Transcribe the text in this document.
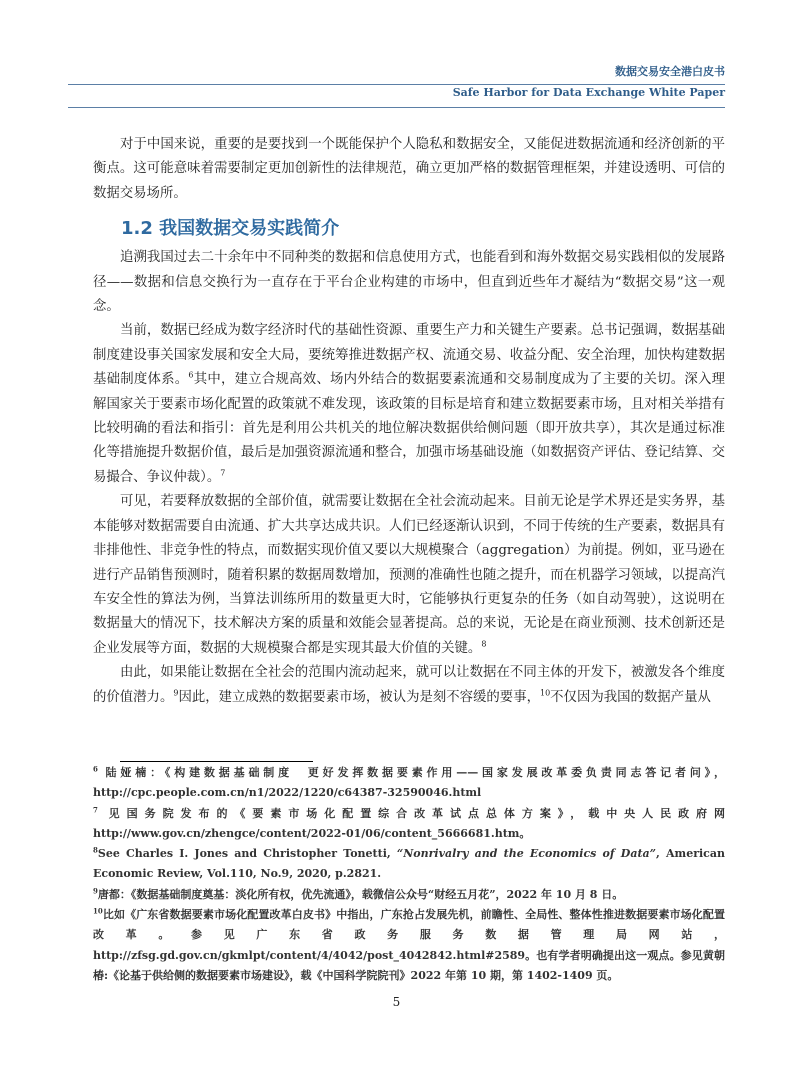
数据交易安全港白皮书
Safe Harbor for Data Exchange White Paper

对于中国来说，重要的是要找到一个既能保护个人隐私和数据安全，又能促进数据流通和经济创新的平衡点。这可能意味着需要制定更加创新性的法律规范，确立更加严格的数据管理框架，并建设透明、可信的数据交易场所。

1.2 我国数据交易实践简介

追溯我国过去二十余年中不同种类的数据和信息使用方式，也能看到和海外数据交易实践相似的发展路径——数据和信息交换行为一直存在于平台企业构建的市场中，但直到近些年才凝结为“数据交易”这一观念。

当前，数据已经成为数字经济时代的基础性资源、重要生产力和关键生产要素。总书记强调，数据基础制度建设事关国家发展和安全大局，要统筹推进数据产权、流通交易、收益分配、安全治理，加快构建数据基础制度体系。$^6$其中，建立合规高效、场内外结合的数据要素流通和交易制度成为了主要的关切。深入理解国家关于要素市场化配置的政策就不难发现，该政策的目标是培育和建立数据要素市场，且对相关举措有比较明确的看法和指引：首先是利用公共机关的地位解决数据供给侧问题（即开放共享），其次是通过标准化等措施提升数据价值，最后是加强资源流通和整合，加强市场基础设施（如数据资产评估、登记结算、交易撮合、争议仲裁）。$^7$

可见，若要释放数据的全部价值，就需要让数据在全社会流动起来。目前无论是学术界还是实务界，基本能够对数据需要自由流通、扩大共享达成共识。人们已经逐渐认识到，不同于传统的生产要素，数据具有非排他性、非竞争性的特点，而数据实现价值又要以大规模聚合（aggregation）为前提。例如，亚马逊在进行产品销售预测时，随着积累的数据周数增加，预测的准确性也随之提升，而在机器学习领域，以提高汽车安全性的算法为例，当算法训练所用的数量更大时，它能够执行更复杂的任务（如自动驾驶），这说明在数据量大的情况下，技术解决方案的质量和效能会显著提高。总的来说，无论是在商业预测、技术创新还是企业发展等方面，数据的大规模聚合都是实现其最大价值的关键。$^8$

由此，如果能让数据在全社会的范围内流动起来，就可以让数据在不同主体的开发下，被激发各个维度的价值潜力。$^9$因此，建立成熟的数据要素市场，被认为是刻不容缓的要事，$^{10}$不仅因为我国的数据产量从

$^6$ 陆娅楠：《构建数据基础制度　更好发挥数据要素作用——国家发展改革委负责同志答记者问》，http://cpc.people.com.cn/n1/2022/1220/c64387-32590046.html

$^7$ 见国务院发布的《要素市场化配置综合改革试点总体方案》，载中央人民政府网 http://www.gov.cn/zhengce/content/2022-01/06/content_5666681.htm。

$^8$See Charles I. Jones and Christopher Tonetti, “Nonrivalry and the Economics of Data”, American Economic Review, Vol.110, No.9, 2020, p.2821.

$^9$唐都：《数据基础制度奠基：淡化所有权，优先流通》，载微信公众号“财经五月花”，2022 年 10 月 8 日。

$^{10}$比如《广东省数据要素市场化配置改革白皮书》中指出，广东抢占发展先机，前瞻性、全局性、整体性推进数据要素市场化配置改革。参见广东省政务服务数据管理局网站，http://zfsg.gd.gov.cn/gkmlpt/content/4/4042/post_4042842.html#2589。也有学者明确提出这一观点。参见黄朝椿:《论基于供给侧的数据要素市场建设》，载《中国科学院院刊》2022 年第 10 期，第 1402-1409 页。

5
